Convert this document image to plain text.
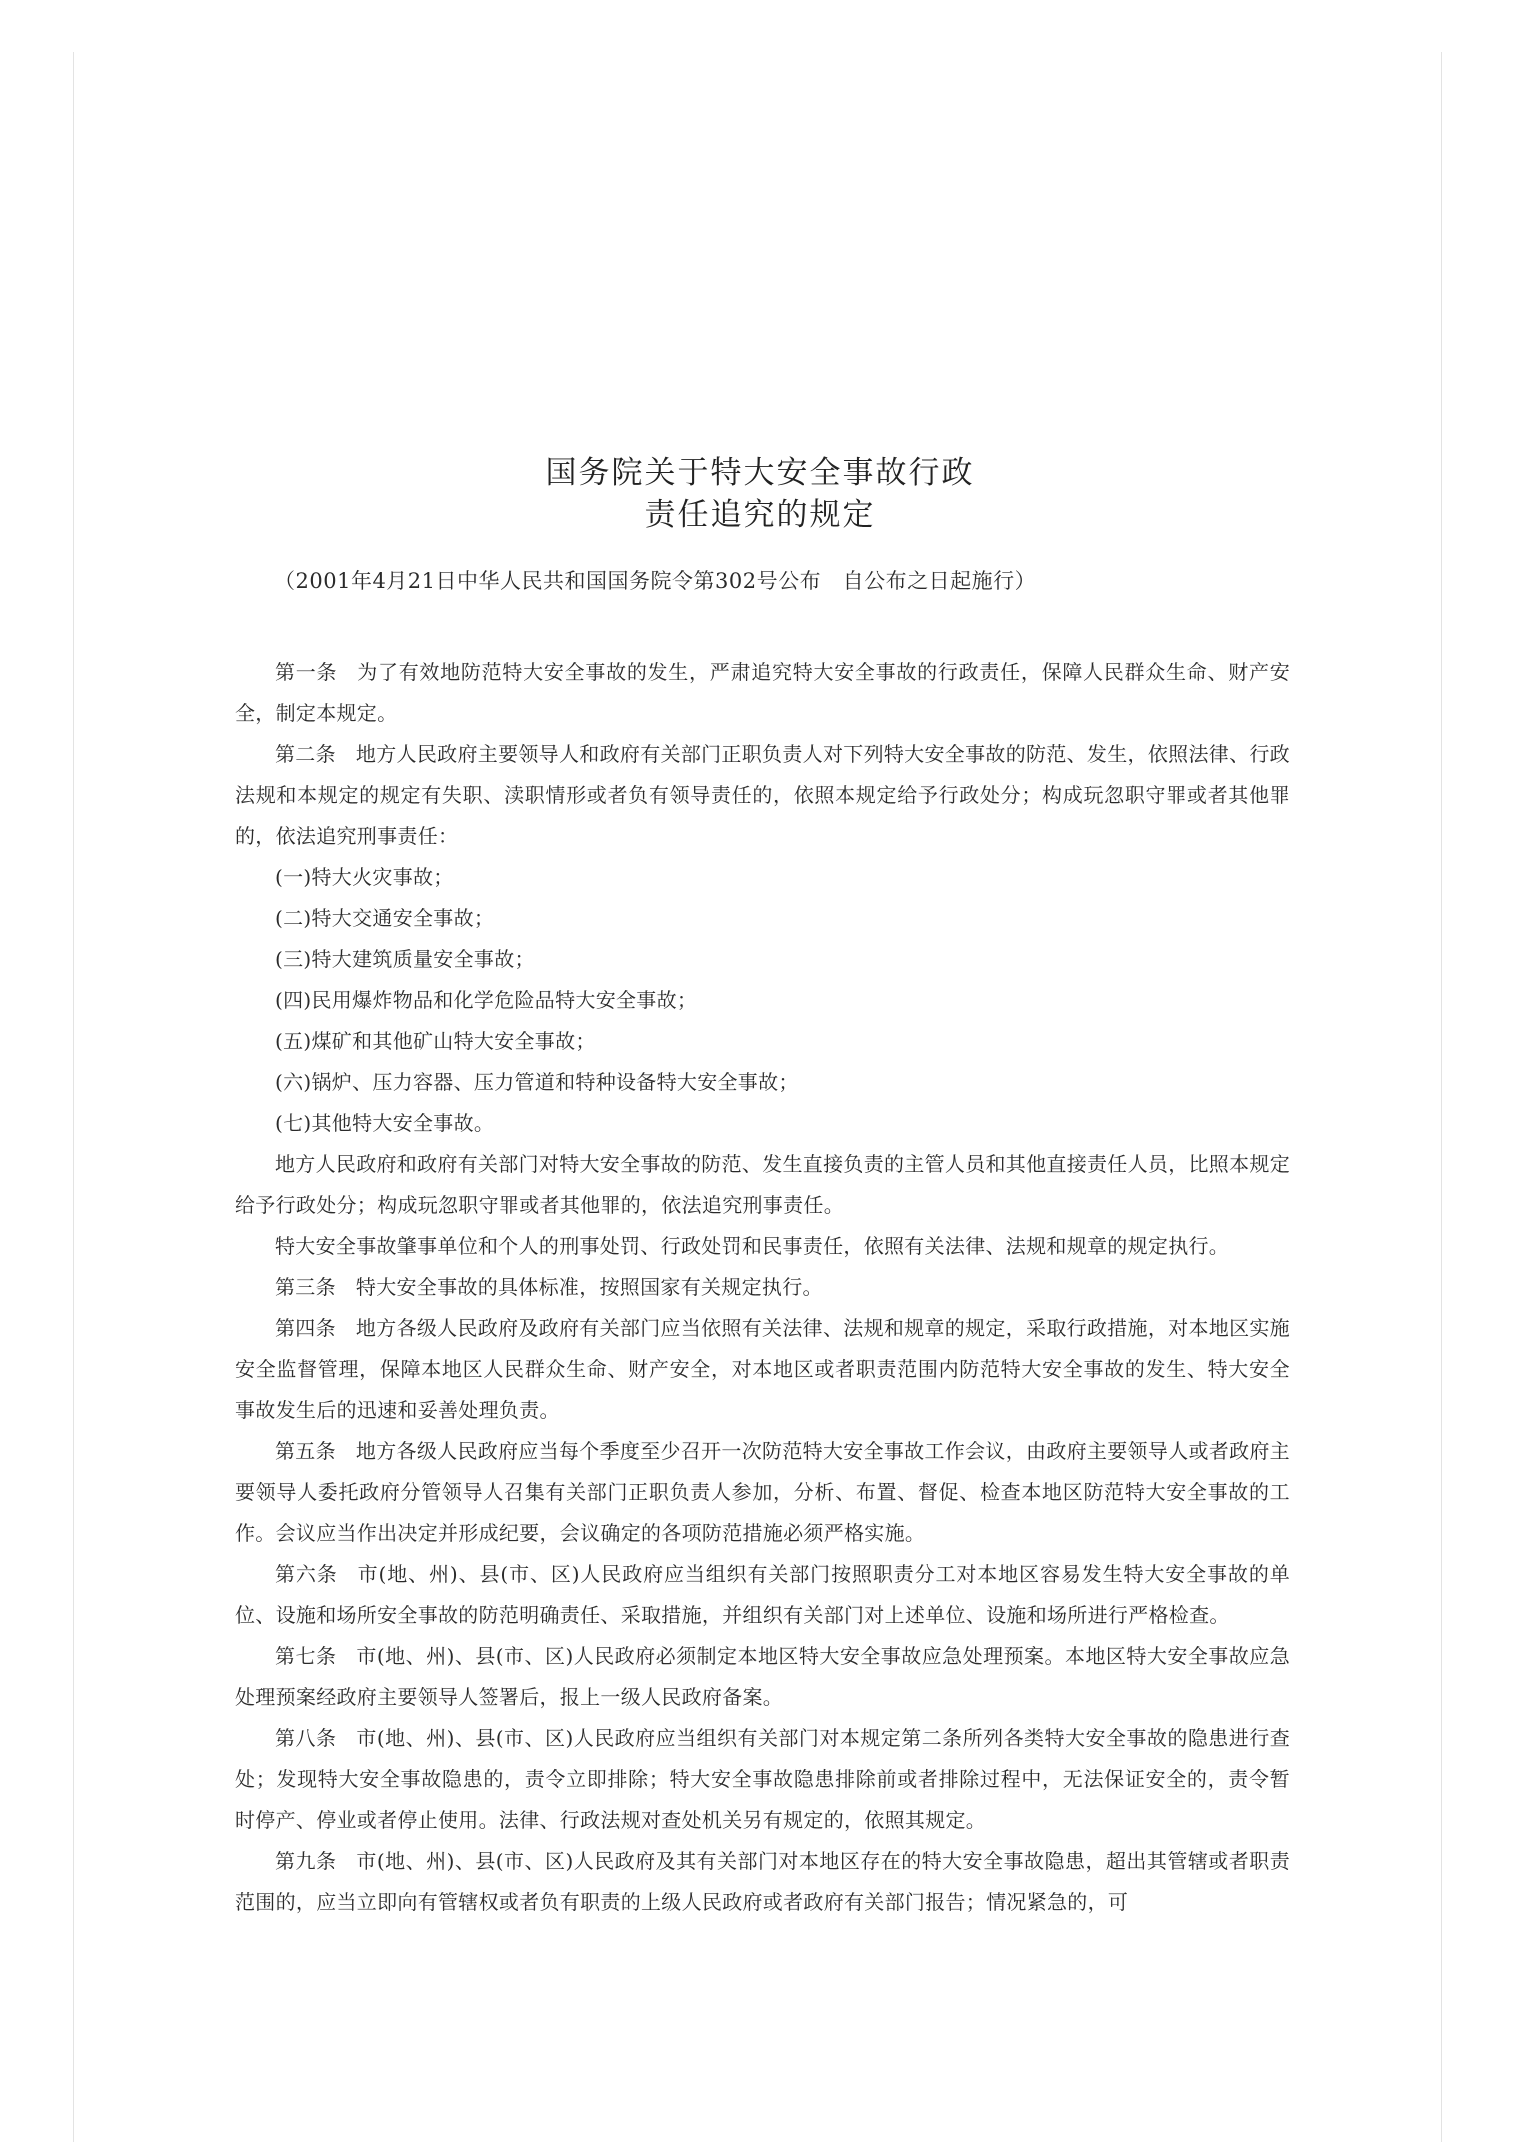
国务院关于特大安全事故行政
责任追究的规定
（2001年4月21日中华人民共和国国务院令第302号公布　自公布之日起施行）

第一条 为了有效地防范特大安全事故的发生，严肃追究特大安全事故的行政责任，保障人民群众生命、财产安全，制定本规定。

第二条 地方人民政府主要领导人和政府有关部门正职负责人对下列特大安全事故的防范、发生，依照法律、行政法规和本规定的规定有失职、渎职情形或者负有领导责任的，依照本规定给予行政处分；构成玩忽职守罪或者其他罪的，依法追究刑事责任：

(一)特大火灾事故；

(二)特大交通安全事故；

(三)特大建筑质量安全事故；

(四)民用爆炸物品和化学危险品特大安全事故；

(五)煤矿和其他矿山特大安全事故；

(六)锅炉、压力容器、压力管道和特种设备特大安全事故；

(七)其他特大安全事故。

地方人民政府和政府有关部门对特大安全事故的防范、发生直接负责的主管人员和其他直接责任人员，比照本规定给予行政处分；构成玩忽职守罪或者其他罪的，依法追究刑事责任。

特大安全事故肇事单位和个人的刑事处罚、行政处罚和民事责任，依照有关法律、法规和规章的规定执行。

第三条 特大安全事故的具体标准，按照国家有关规定执行。

第四条 地方各级人民政府及政府有关部门应当依照有关法律、法规和规章的规定，采取行政措施，对本地区实施安全监督管理，保障本地区人民群众生命、财产安全，对本地区或者职责范围内防范特大安全事故的发生、特大安全事故发生后的迅速和妥善处理负责。

第五条 地方各级人民政府应当每个季度至少召开一次防范特大安全事故工作会议，由政府主要领导人或者政府主要领导人委托政府分管领导人召集有关部门正职负责人参加，分析、布置、督促、检查本地区防范特大安全事故的工作。会议应当作出决定并形成纪要，会议确定的各项防范措施必须严格实施。

第六条 市(地、州)、县(市、区)人民政府应当组织有关部门按照职责分工对本地区容易发生特大安全事故的单位、设施和场所安全事故的防范明确责任、采取措施，并组织有关部门对上述单位、设施和场所进行严格检查。

第七条 市(地、州)、县(市、区)人民政府必须制定本地区特大安全事故应急处理预案。本地区特大安全事故应急处理预案经政府主要领导人签署后，报上一级人民政府备案。

第八条 市(地、州)、县(市、区)人民政府应当组织有关部门对本规定第二条所列各类特大安全事故的隐患进行查处；发现特大安全事故隐患的，责令立即排除；特大安全事故隐患排除前或者排除过程中，无法保证安全的，责令暂时停产、停业或者停止使用。法律、行政法规对查处机关另有规定的，依照其规定。

第九条 市(地、州)、县(市、区)人民政府及其有关部门对本地区存在的特大安全事故隐患，超出其管辖或者职责范围的，应当立即向有管辖权或者负有职责的上级人民政府或者政府有关部门报告；情况紧急的，可
